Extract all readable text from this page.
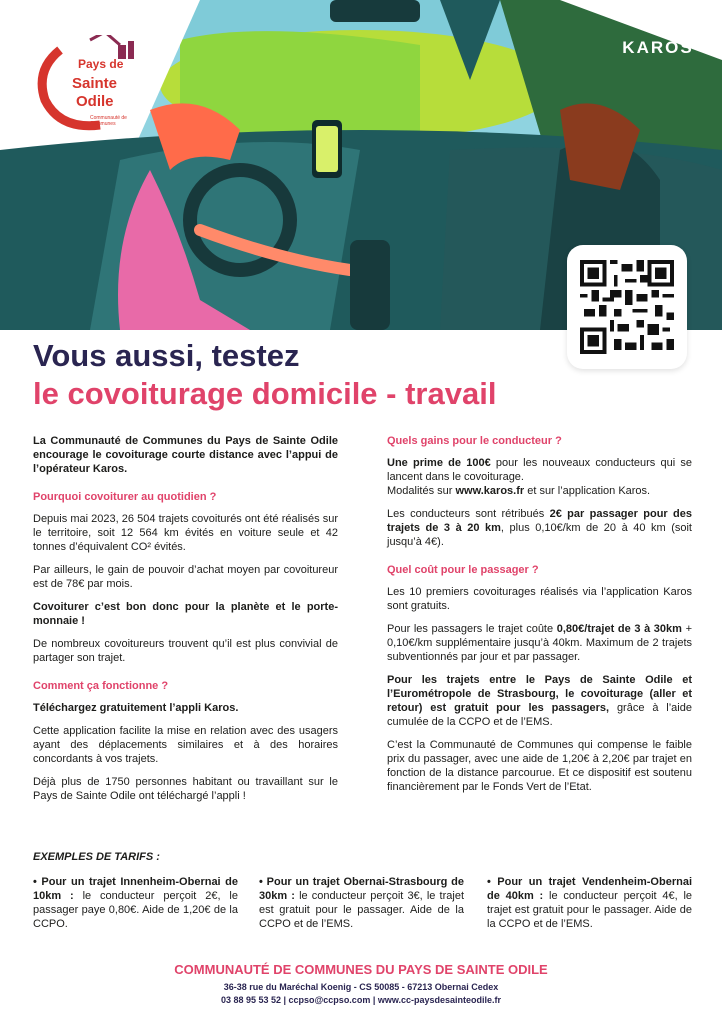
Pays de
Sainte
Odile
Communauté de Communes
♛
KAROS
Vous aussi, testez
le covoiturage domicile - travail

La Communauté de Communes du Pays de Sainte Odile encourage le covoiturage courte distance avec l’appui de l’opérateur Karos.

Pourquoi covoiturer au quotidien ?

Depuis mai 2023, 26 504 trajets covoiturés ont été réalisés sur le territoire, soit 12 564 km évités en voiture seule et 42 tonnes d’équivalent CO² évités.

Par ailleurs, le gain de pouvoir d’achat moyen par covoitureur est de 78€ par mois.

Covoiturer c’est bon donc pour la planète et le porte-monnaie !

De nombreux covoitureurs trouvent qu’il est plus convivial de partager son trajet.

Comment ça fonctionne ?

Téléchargez gratuitement l’appli Karos.

Cette application facilite la mise en relation avec des usagers ayant des déplacements similaires et à des horaires concordants à vos trajets.

Déjà plus de 1750 personnes habitant ou travaillant sur le Pays de Sainte Odile ont téléchargé l’appli !

Quels gains pour le conducteur ?

Une prime de 100€ pour les nouveaux conducteurs qui se lancent dans le covoiturage.
Modalités sur www.karos.fr et sur l’application Karos.

Les conducteurs sont rétribués 2€ par passager pour des trajets de 3 à 20 km, plus 0,10€/km de 20 à 40 km (soit jusqu’à 4€).

Quel coût pour le passager ?

Les 10 premiers covoiturages réalisés via l’application Karos sont gratuits.

Pour les passagers le trajet coûte 0,80€/trajet de 3 à 30km + 0,10€/km supplémentaire jusqu’à 40km. Maximum de 2 trajets subventionnés par jour et par passager.

Pour les trajets entre le Pays de Sainte Odile et l’Eurométropole de Strasbourg, le covoiturage (aller et retour) est gratuit pour les passagers, grâce à l’aide cumulée de la CCPO et de l’EMS.

C’est la Communauté de Communes qui compense le faible prix du passager, avec une aide de 1,20€ à 2,20€ par trajet en fonction de la distance parcourue. Et ce dispositif est soutenu financièrement par le Fonds Vert de l’Etat.

EXEMPLES DE TARIFS :
• Pour un trajet Innenheim-Obernai de 10km : le conducteur perçoit 2€, le passager paye 0,80€. Aide de 1,20€ de la CCPO.
• Pour un trajet Obernai-Strasbourg de 30km : le conducteur perçoit 3€, le trajet est gratuit pour le passager. Aide de la CCPO et de l’EMS.
• Pour un trajet Vendenheim-Obernai de 40km : le conducteur perçoit 4€, le trajet est gratuit pour le passager. Aide de la CCPO et de l’EMS.
COMMUNAUTÉ DE COMMUNES DU PAYS DE SAINTE ODILE
36-38 rue du Maréchal Koenig - CS 50085 - 67213 Obernai Cedex
03 88 95 53 52 | ccpso@ccpso.com | www.cc-paysdesainteodile.fr
